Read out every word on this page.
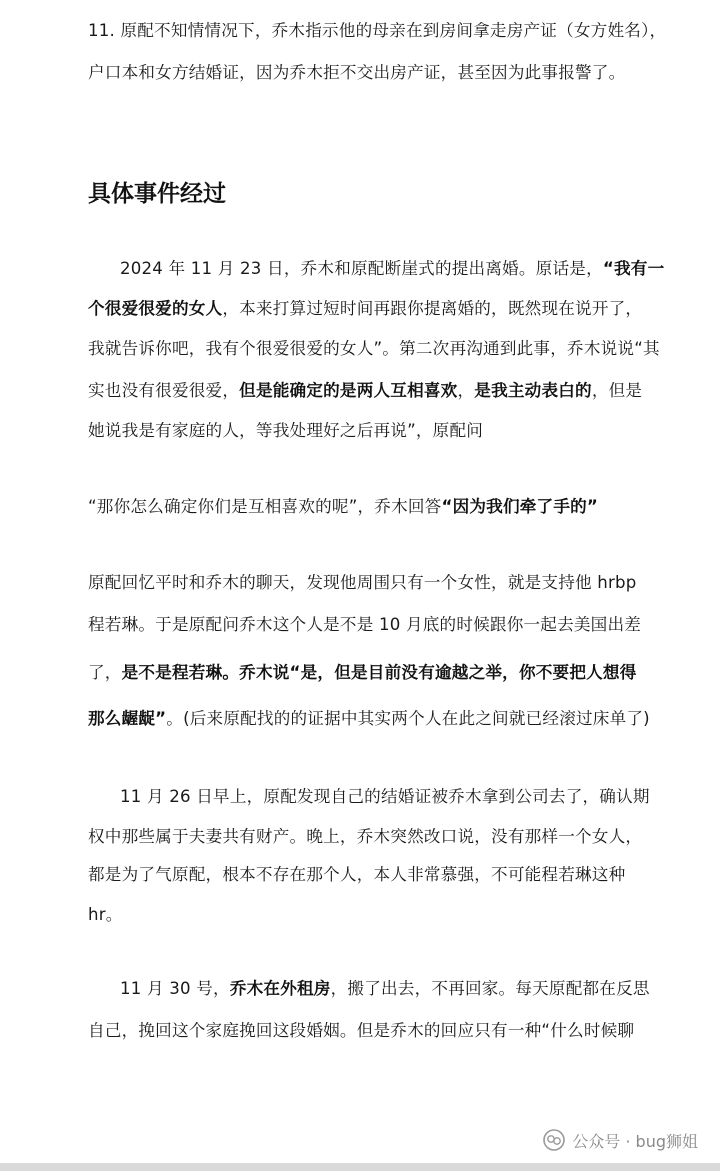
11. 原配不知情情况下，乔木指示他的母亲在到房间拿走房产证（女方姓名），

户口本和女方结婚证，因为乔木拒不交出房产证，甚至因为此事报警了。

具体事件经过

2024 年 11 月 23 日，乔木和原配断崖式的提出离婚。原话是，“我有一

个很爱很爱的女人，本来打算过短时间再跟你提离婚的，既然现在说开了，

我就告诉你吧，我有个很爱很爱的女人”。第二次再沟通到此事，乔木说说“其

实也没有很爱很爱，但是能确定的是两人互相喜欢，是我主动表白的，但是

她说我是有家庭的人，等我处理好之后再说”，原配问

“那你怎么确定你们是互相喜欢的呢”，乔木回答“因为我们牵了手的”

原配回忆平时和乔木的聊天，发现他周围只有一个女性，就是支持他 hrbp

程若琳。于是原配问乔木这个人是不是 10 月底的时候跟你一起去美国出差

了，是不是程若琳。乔木说“是，但是目前没有逾越之举，你不要把人想得

那么龌龊”。(后来原配找的的证据中其实两个人在此之间就已经滚过床单了)

11 月 26 日早上，原配发现自己的结婚证被乔木拿到公司去了，确认期

权中那些属于夫妻共有财产。晚上，乔木突然改口说，没有那样一个女人，

都是为了气原配，根本不存在那个人，本人非常慕强，不可能程若琳这种

hr。

11 月 30 号，乔木在外租房，搬了出去，不再回家。每天原配都在反思

自己，挽回这个家庭挽回这段婚姻。但是乔木的回应只有一种“什么时候聊

公众号 · bug狮姐
